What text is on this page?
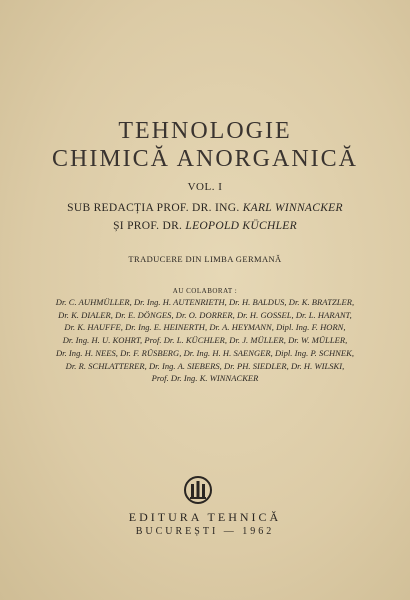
TEHNOLOGIE
CHIMICĂ ANORGANICĂ
VOL. I
SUB REDACȚIA PROF. DR. ING. KARL WINNACKER
ȘI PROF. DR. LEOPOLD KÜCHLER
TRADUCERE DIN LIMBA GERMANĂ
AU COLABORAT :
Dr. C. AUHMÜLLER, Dr. Ing. H. AUTENRIETH, Dr. H. BALDUS, Dr. K. BRATZLER,
Dr. K. DIALER, Dr. E. DÖNGES, Dr. O. DORRER, Dr. H. GOSSEL, Dr. L. HARANT,
Dr. K. HAUFFE, Dr. Ing. E. HEINERTH, Dr. A. HEYMANN, Dipl. Ing. F. HORN,
Dr. Ing. H. U. KOHRT, Prof. Dr. L. KÜCHLER, Dr. J. MÜLLER, Dr. W. MÜLLER,
Dr. Ing. H. NEES, Dr. F. RÜSBERG, Dr. Ing. H. H. SAENGER, Dipl. Ing. P. SCHNEK,
Dr. R. SCHLATTERER, Dr. Ing. A. SIEBERS, Dr. PH. SIEDLER, Dr. H. WILSKI,
Prof. Dr. Ing. K. WINNACKER
EDITURA TEHNICĂ
BUCUREȘTI — 1962
